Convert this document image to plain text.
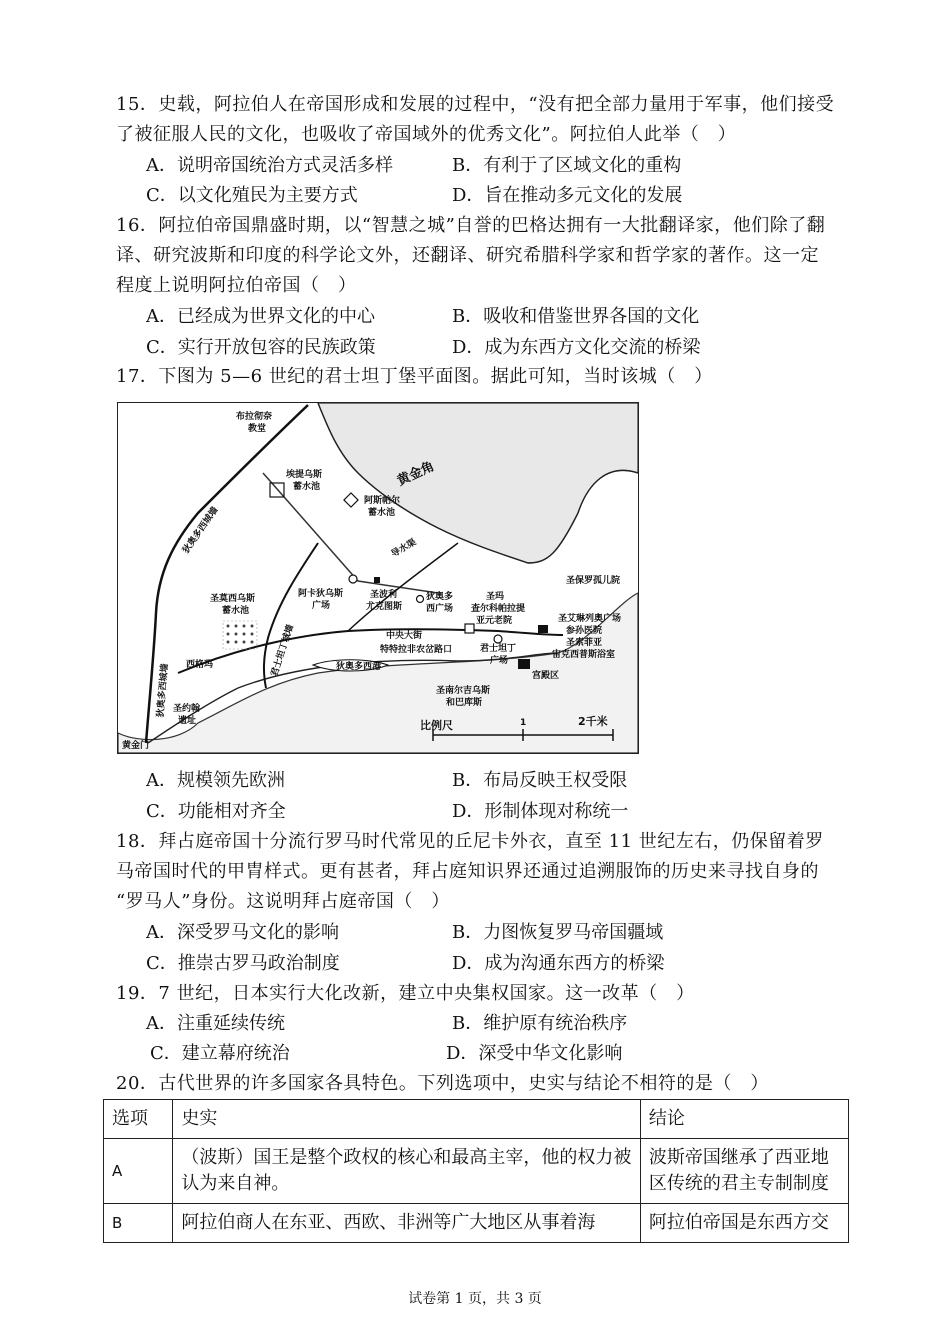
15．史载，阿拉伯人在帝国形成和发展的过程中，“没有把全部力量用于军事，他们接受
了被征服人民的文化，也吸收了帝国域外的优秀文化”。阿拉伯人此举（　）
A．说明帝国统治方式灵活多样	B．有利于了区域文化的重构
C．以文化殖民为主要方式	D．旨在推动多元文化的发展
16．阿拉伯帝国鼎盛时期，以“智慧之城”自誉的巴格达拥有一大批翻译家，他们除了翻
译、研究波斯和印度的科学论文外，还翻译、研究希腊科学家和哲学家的著作。这一定
程度上说明阿拉伯帝国（　）
A．已经成为世界文化的中心	B．吸收和借鉴世界各国的文化
C．实行开放包容的民族政策	D．成为东西方文化交流的桥梁
17．下图为 5—6 世纪的君士坦丁堡平面图。据此可知，当时该城（　）
布拉彻奈
教堂
黄金角
埃提乌斯
蓄水池
阿斯帕尔
蓄水池
狄奥多西城墙	导水渠
圣保罗孤儿院
圣莫西乌斯
蓄水池
阿卡狄乌斯
广场
圣波利
尤克图斯
狄奥多
西广场
圣玛
查尔科帕拉提
亚元老院	圣艾琳列奥广场
参孙医院
圣索菲亚
宙克西普斯浴室
君士坦丁城墙	中央大街
特特拉非农岔路口	君士坦丁
广场
宫殿区
狄奥多西港
西格玛
圣南尔吉乌斯
和巴库斯
圣约翰
遗址
狄奥多西城墙
黄金门
比例尺	1	2千米
A．规模领先欧洲	B．布局反映王权受限
C．功能相对齐全	D．形制体现对称统一
18．拜占庭帝国十分流行罗马时代常见的丘尼卡外衣，直至 11 世纪左右，仍保留着罗
马帝国时代的甲胄样式。更有甚者，拜占庭知识界还通过追溯服饰的历史来寻找自身的
“罗马人”身份。这说明拜占庭帝国（　）
A．深受罗马文化的影响	B．力图恢复罗马帝国疆域
C．推崇古罗马政治制度	D．成为沟通东西方的桥梁
19．7 世纪，日本实行大化改新，建立中央集权国家。这一改革（　）
A．注重延续传统	B．维护原有统治秩序
C．建立幕府统治	D．深受中华文化影响
20．古代世界的许多国家各具特色。下列选项中，史实与结论不相符的是（　）
选项	史实	结论
A	（波斯）国王是整个政权的核心和最高主宰，他的权力被认为来自神。	波斯帝国继承了西亚地区传统的君主专制制度
B	阿拉伯商人在东亚、西欧、非洲等广大地区从事着海	阿拉伯帝国是东西方交
试卷第 1 页，共 3 页
